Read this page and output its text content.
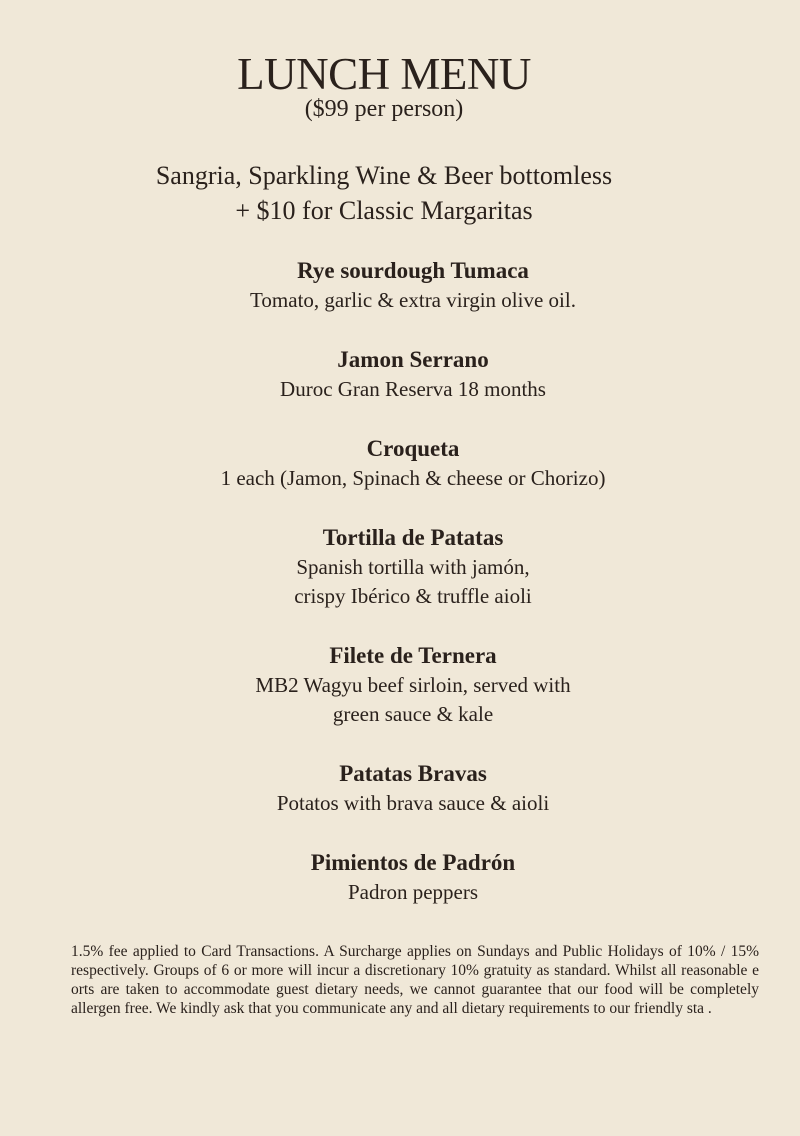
LUNCH MENU
($99 per person)
Sangria, Sparkling Wine & Beer bottomless
+ $10 for Classic Margaritas
Rye sourdough Tumaca
Tomato, garlic & extra virgin olive oil.
Jamon Serrano
Duroc Gran Reserva 18 months
Croqueta
1 each (Jamon, Spinach & cheese or Chorizo)
Tortilla de Patatas
Spanish tortilla with jamón,
crispy Ibérico & truffle aioli
Filete de Ternera
MB2 Wagyu beef sirloin, served with
green sauce & kale
Patatas Bravas
Potatos with brava sauce & aioli
Pimientos de Padrón
Padron peppers
1.5% fee applied to Card Transactions. A Surcharge applies on Sundays and Public Holidays of 10% / 15% respectively. Groups of 6 or more will incur a discretionary 10% gratuity as standard. Whilst all reasonable e orts are taken to accommodate guest dietary needs, we cannot guarantee that our food will be completely allergen free. We kindly ask that you communicate any and all dietary requirements to our friendly sta .
